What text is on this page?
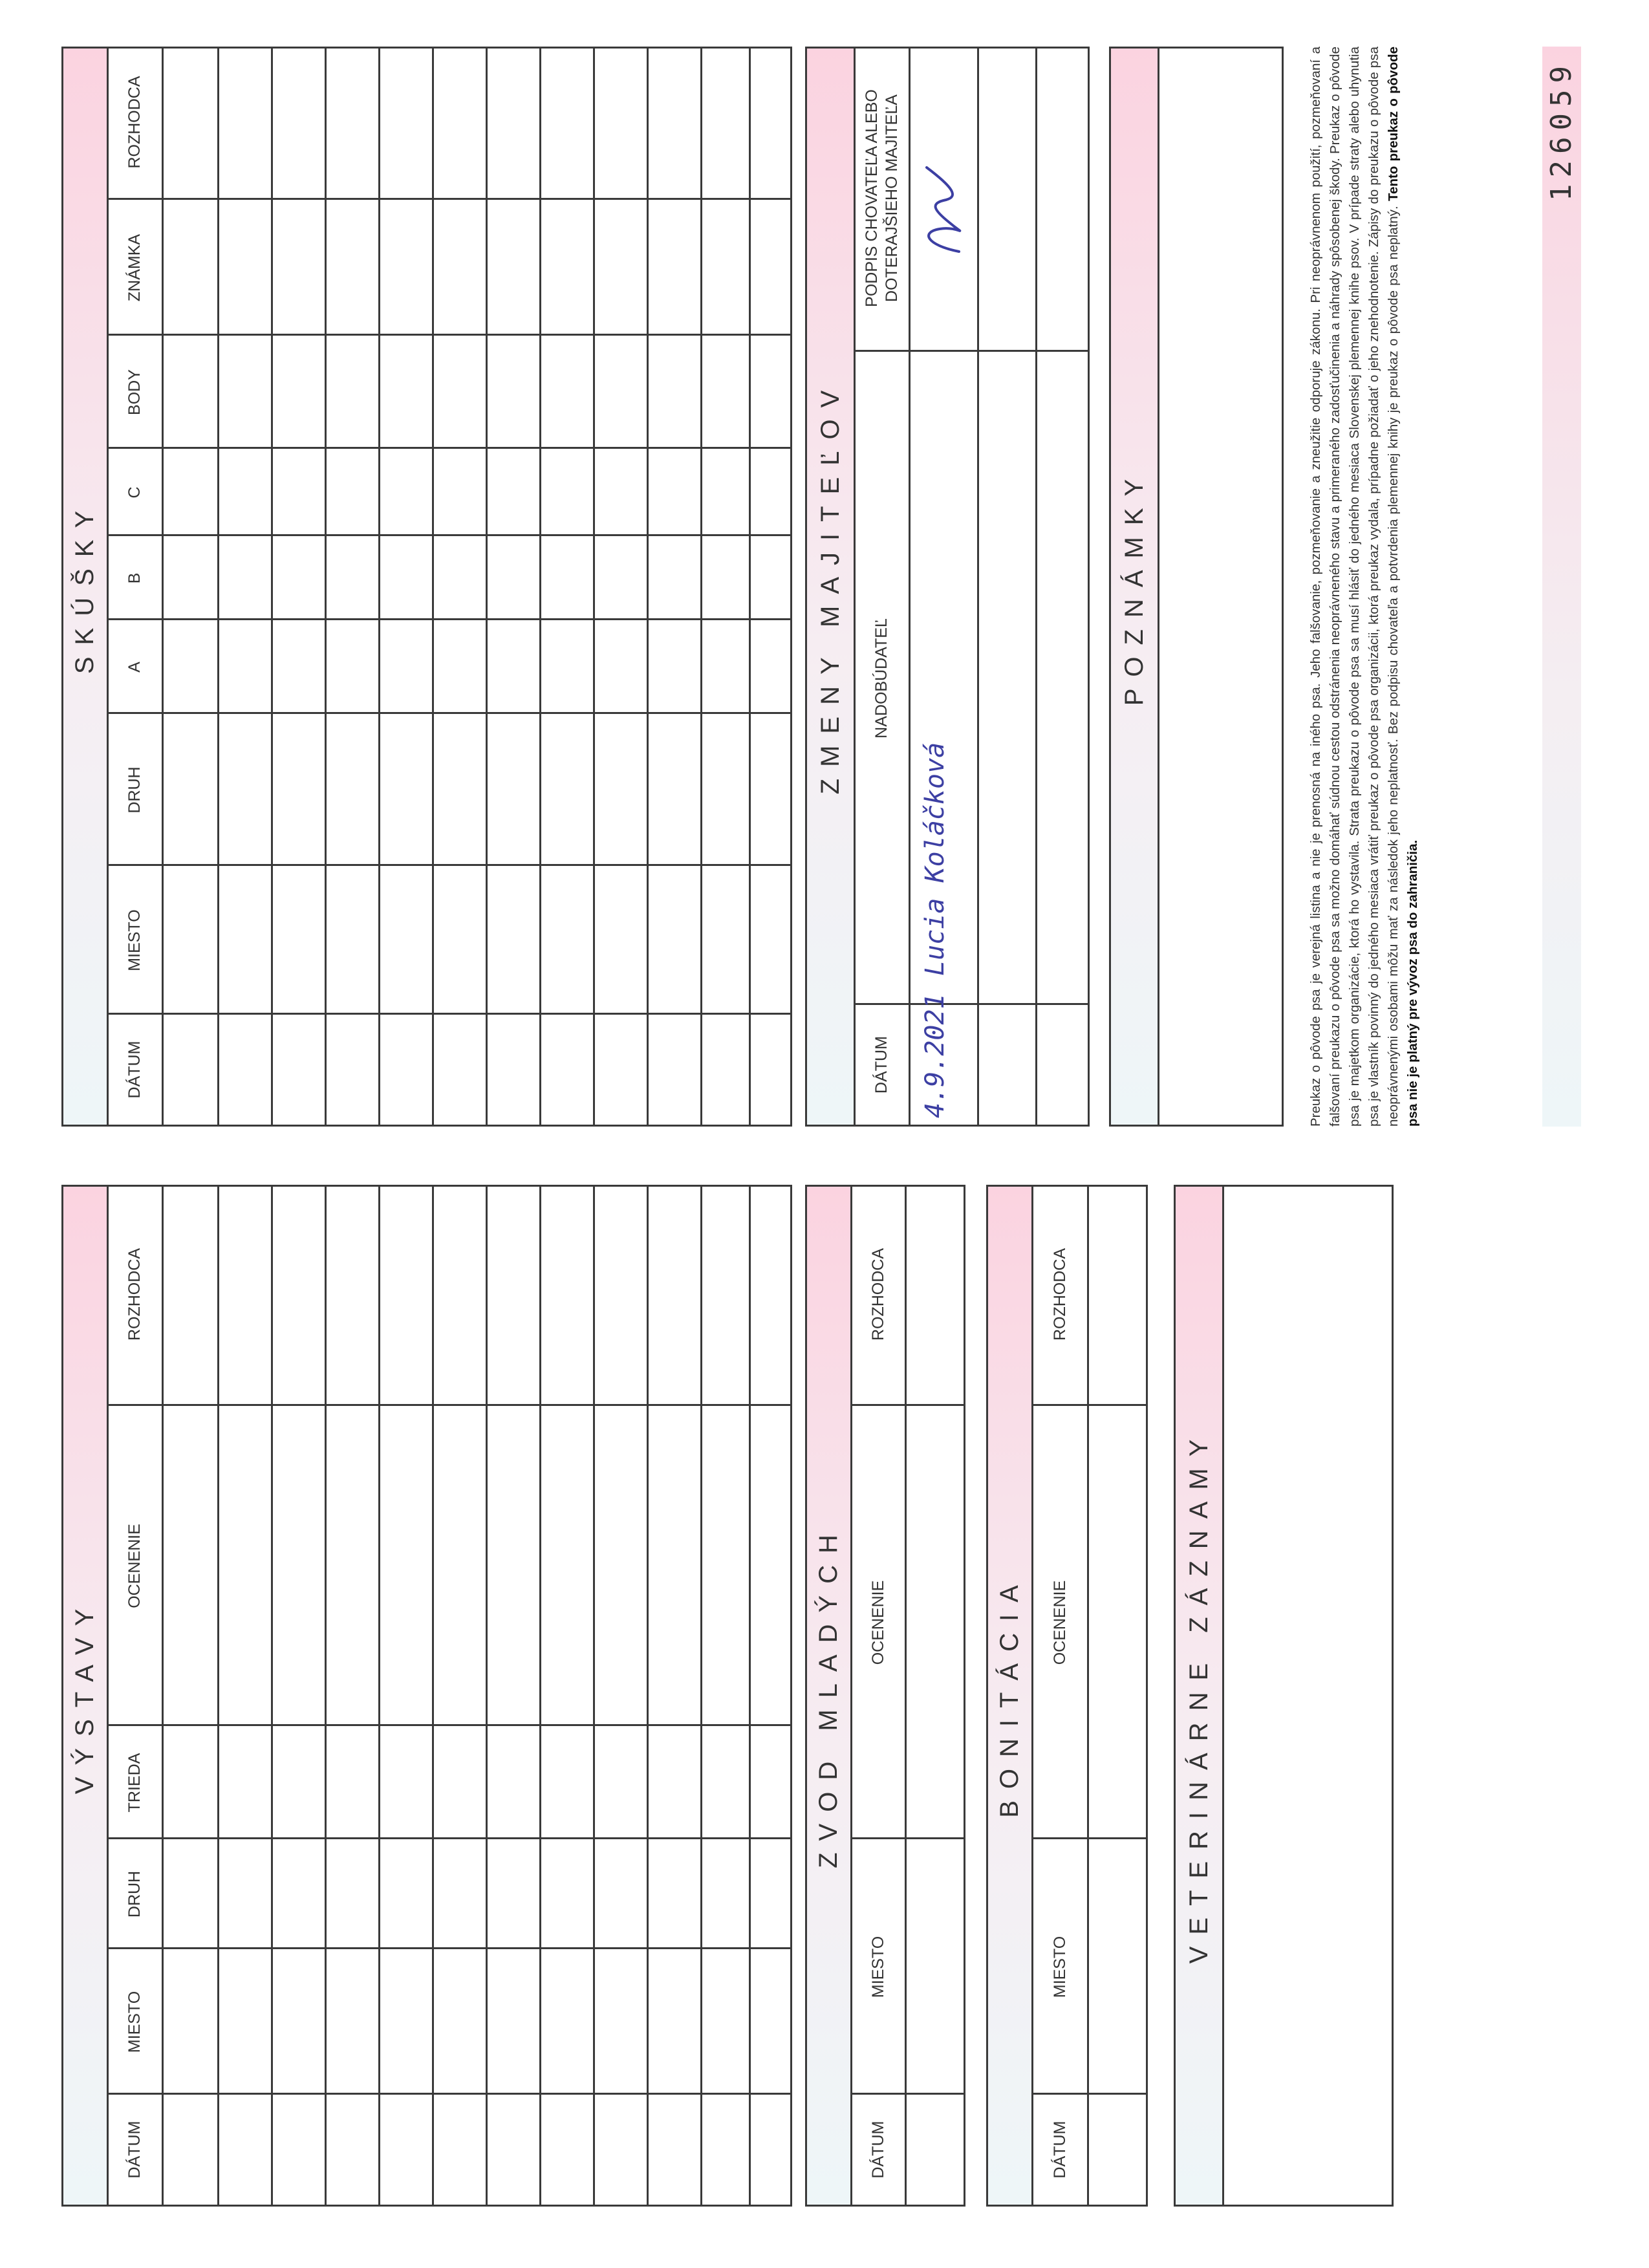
VÝSTAVY
DÁTUM
MIESTO
DRUH
TRIEDA
OCENENIE
ROZHODCA
ZVOD MLADÝCH
DÁTUM
MIESTO
OCENENIE
ROZHODCA
BONITÁCIA
DÁTUM
MIESTO
OCENENIE
ROZHODCA
VETERINÁRNE ZÁZNAMY
SKÚŠKY
DÁTUM
MIESTO
DRUH
A
B
C
BODY
ZNÁMKA
ROZHODCA
ZMENY MAJITEĽOV
DÁTUM
NADOBÚDATEĽ
PODPIS CHOVATEĽA ALEBO DOTERAJŠIEHO MAJITEĽA
4.9.2021
Lucia Koláčková
POZNÁMKY	Preukaz o pôvode psa je verejná listina a nie je prenosná na iného psa. Jeho falšovanie, pozmeňovanie a zneužitie odporuje zákonu. Pri neoprávnenom použití, pozmeňovaní a falšovaní preukazu o pôvode psa sa možno domáhať súdnou cestou odstránenia neoprávneného stavu a primeraného zadosťučinenia a náhrady spôsobenej škody. Preukaz o pôvode psa je majetkom organizácie, ktorá ho vystavila. Strata preukazu o pôvode psa sa musí hlásiť do jedného mesiaca Slovenskej plemennej knihe psov. V prípade straty alebo uhynutia psa je vlastník povinný do jedného mesiaca vrátiť preukaz o pôvode psa organizácii, ktorá preukaz vydala, prípadne požiadať o jeho znehodnotenie. Zápisy do preukazu o pôvode psa neoprávnenými osobami môžu mať za následok jeho neplatnosť. Bez podpisu chovateľa a potvrdenia plemennej knihy je preukaz o pôvode psa neplatný. Tento preukaz o pôvode psa nie je platný pre vývoz psa do zahraničia.
126059
